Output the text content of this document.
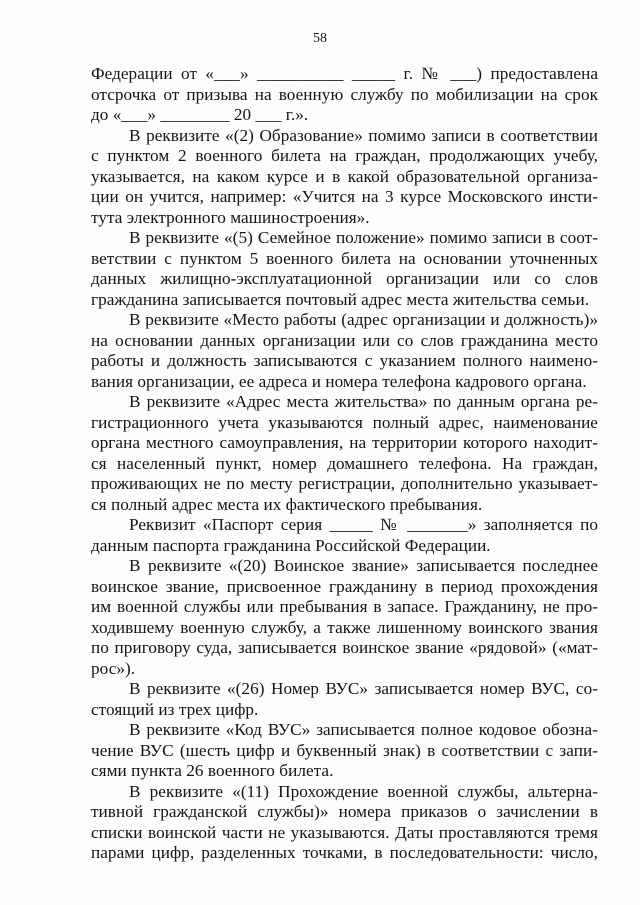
58
Федерации от «___» __________ _____ г. № ___) предоставлена
отсрочка от призыва на военную службу по мобилизации на срок
до «___» ________ 20 ___ г.».
В реквизите «(2) Образование» помимо записи в соответствии
с пунктом 2 военного билета на граждан, продолжающих учебу,
указывается, на каком курсе и в какой образовательной организа-
ции он учится, например: «Учится на 3 курсе Московского инсти-
тута электронного машиностроения».
В реквизите «(5) Семейное положение» помимо записи в соот-
ветствии с пунктом 5 военного билета на основании уточненных
данных жилищно-эксплуатационной организации или со слов
гражданина записывается почтовый адрес места жительства семьи.
В реквизите «Место работы (адрес организации и должность)»
на основании данных организации или со слов гражданина место
работы и должность записываются с указанием полного наимено-
вания организации, ее адреса и номера телефона кадрового органа.
В реквизите «Адрес места жительства» по данным органа ре-
гистрационного учета указываются полный адрес, наименование
органа местного самоуправления, на территории которого находит-
ся населенный пункт, номер домашнего телефона. На граждан,
проживающих не по месту регистрации, дополнительно указывает-
ся полный адрес места их фактического пребывания.
Реквизит «Паспорт серия _____ № _______» заполняется по
данным паспорта гражданина Российской Федерации.
В реквизите «(20) Воинское звание» записывается последнее
воинское звание, присвоенное гражданину в период прохождения
им военной службы или пребывания в запасе. Гражданину, не про-
ходившему военную службу, а также лишенному воинского звания
по приговору суда, записывается воинское звание «рядовой» («мат-
рос»).
В реквизите «(26) Номер ВУС» записывается номер ВУС, со-
стоящий из трех цифр.
В реквизите «Код ВУС» записывается полное кодовое обозна-
чение ВУС (шесть цифр и буквенный знак) в соответствии с запи-
сями пункта 26 военного билета.
В реквизите «(11) Прохождение военной службы, альтерна-
тивной гражданской службы)» номера приказов о зачислении в
списки воинской части не указываются. Даты проставляются тремя
парами цифр, разделенных точками, в последовательности: число,
